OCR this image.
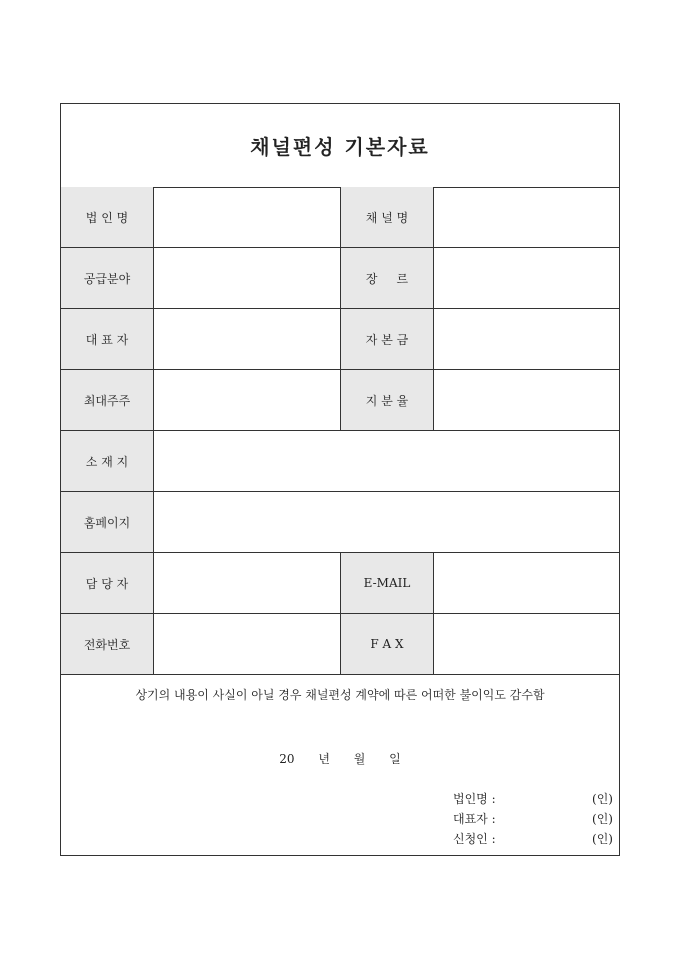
채널편성 기본자료
법 인 명	채 널 명
공급분야	장     르
대 표 자	자 본 금
최대주주	지 분 율
소 재 지
홈페이지
담 당 자	E-MAIL
전화번호	F A X
상기의 내용이 사실이 아닐 경우 채널편성 계약에 따른 어떠한 불이익도 감수함
20 년 월 일
법인명 :	(인)
대표자 :	(인)
신청인 :	(인)
